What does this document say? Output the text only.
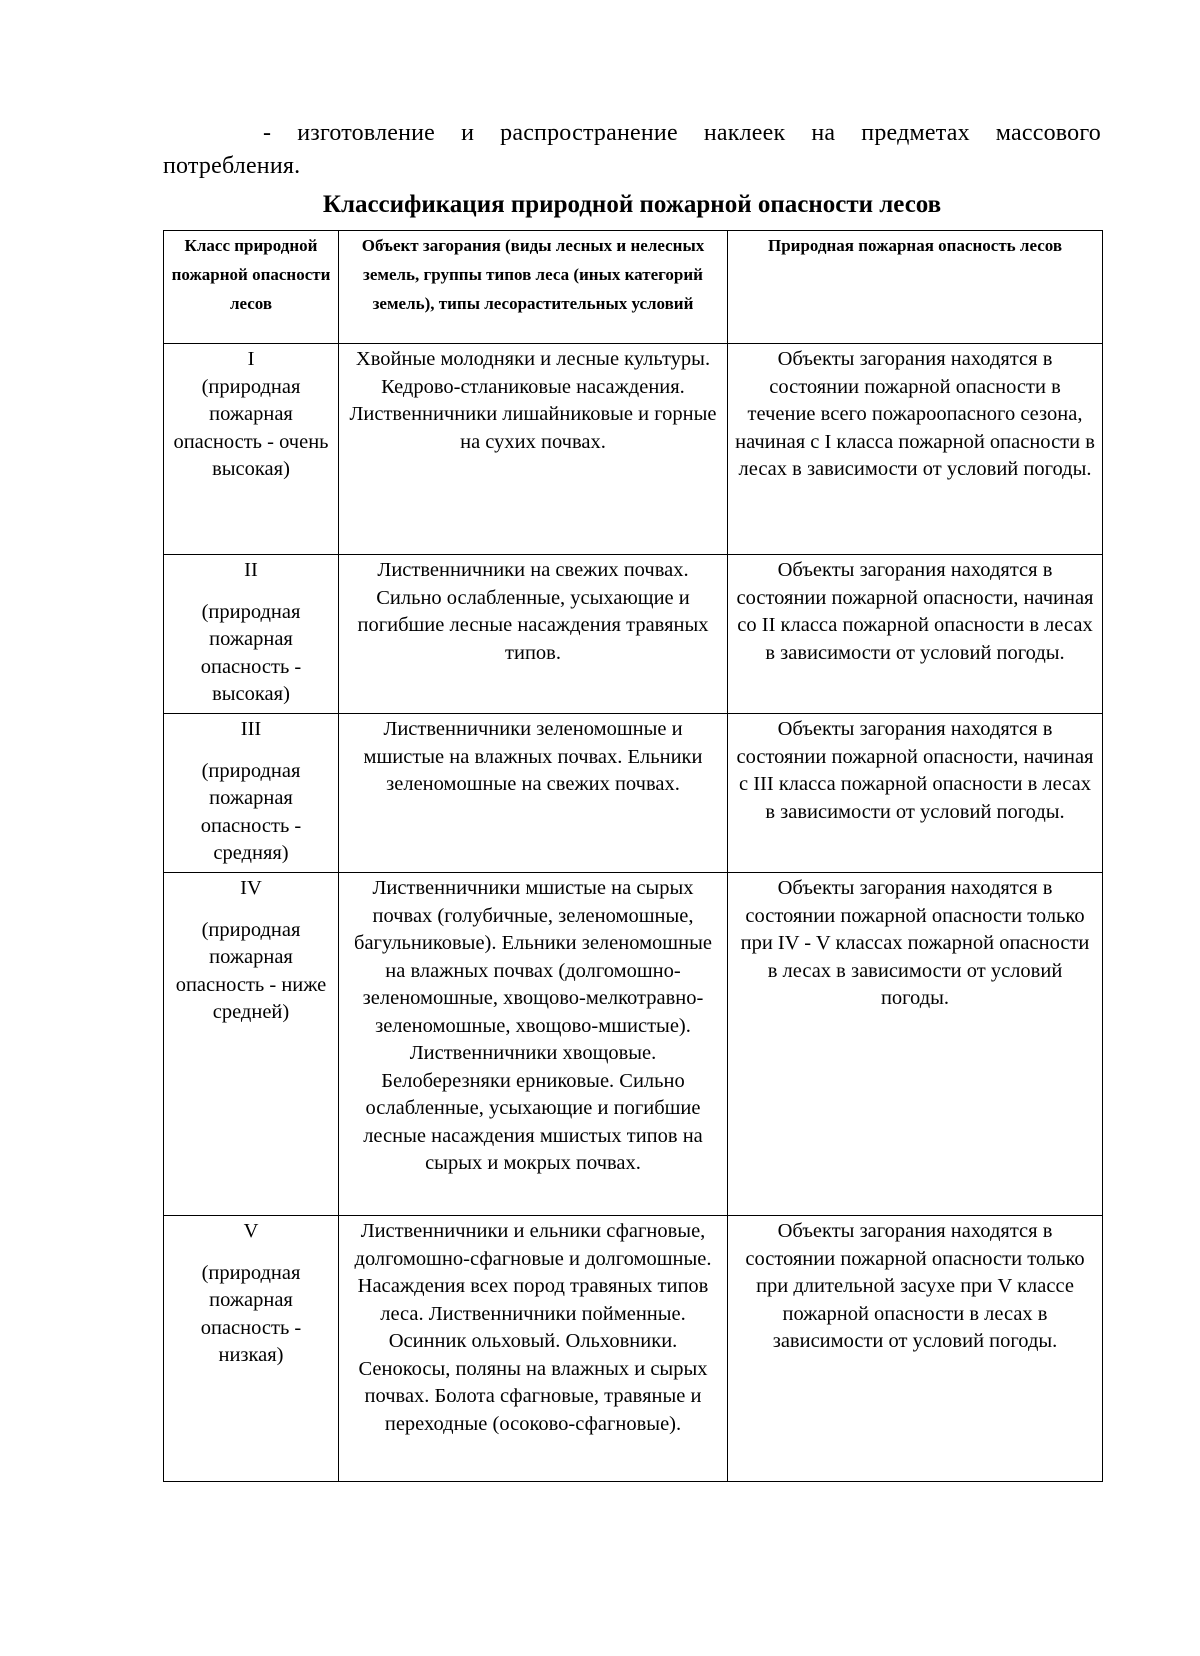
- изготовление и распространение наклеек на предметах массового
потребления.
Классификация природной пожарной опасности лесов
Класс природной пожарной опасности лесов	Объект загорания (виды лесных и нелесных земель, группы типов леса (иных категорий земель), типы лесорастительных условий	Природная пожарная опасность лесов

I
(природная пожарная опасность - очень высокая)	Хвойные молодняки и лесные культуры. Кедрово-стланиковые насаждения. Лиственничники лишайниковые и горные на сухих почвах.	Объекты загорания находятся в состоянии пожарной опасности в течение всего пожароопасного сезона, начиная с I класса пожарной опасности в лесах в зависимости от условий погоды.

II
(природная пожарная опасность - высокая)	Лиственничники на свежих почвах. Сильно ослабленные, усыхающие и погибшие лесные насаждения травяных типов.	Объекты загорания находятся в состоянии пожарной опасности, начиная со II класса пожарной опасности в лесах в зависимости от условий погоды.

III
(природная пожарная опасность - средняя)	Лиственничники зеленомошные и мшистые на влажных почвах. Ельники зеленомошные на свежих почвах.	Объекты загорания находятся в состоянии пожарной опасности, начиная с III класса пожарной опасности в лесах в зависимости от условий погоды.

IV
(природная пожарная опасность - ниже средней)	Лиственничники мшистые на сырых почвах (голубичные, зеленомошные, багульниковые). Ельники зеленомошные на влажных почвах (долгомошно-зеленомошные, хвощово-мелкотравно-зеленомошные, хвощово-мшистые). Лиственничники хвощовые. Белоберезняки ерниковые. Сильно ослабленные, усыхающие и погибшие лесные насаждения мшистых типов на сырых и мокрых почвах.	Объекты загорания находятся в состоянии пожарной опасности только при IV - V классах пожарной опасности в лесах в зависимости от условий погоды.

V
(природная пожарная опасность - низкая)	Лиственничники и ельники сфагновые, долгомошно-сфагновые и долгомошные. Насаждения всех пород травяных типов леса. Лиственничники пойменные. Осинник ольховый. Ольховники. Сенокосы, поляны на влажных и сырых почвах. Болота сфагновые, травяные и переходные (осоково-сфагновые).	Объекты загорания находятся в состоянии пожарной опасности только при длительной засухе при V классе пожарной опасности в лесах в зависимости от условий погоды.
